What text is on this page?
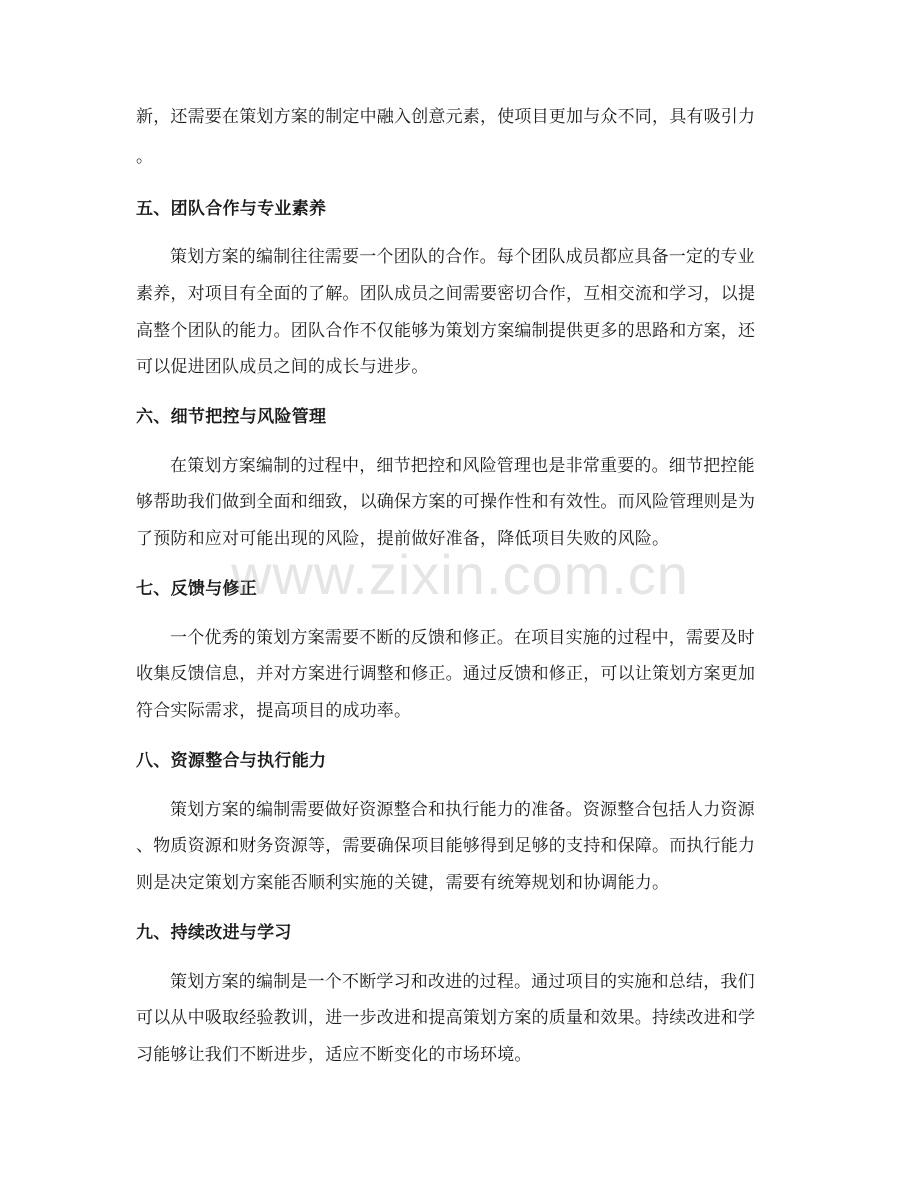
新，还需要在策划方案的制定中融入创意元素，使项目更加与众不同，具有吸引力
。
五、团队合作与专业素养
策划方案的编制往往需要一个团队的合作。每个团队成员都应具备一定的专业
素养，对项目有全面的了解。团队成员之间需要密切合作，互相交流和学习，以提
高整个团队的能力。团队合作不仅能够为策划方案编制提供更多的思路和方案，还
可以促进团队成员之间的成长与进步。
六、细节把控与风险管理
在策划方案编制的过程中，细节把控和风险管理也是非常重要的。细节把控能
够帮助我们做到全面和细致，以确保方案的可操作性和有效性。而风险管理则是为
了预防和应对可能出现的风险，提前做好准备，降低项目失败的风险。
七、反馈与修正
一个优秀的策划方案需要不断的反馈和修正。在项目实施的过程中，需要及时
收集反馈信息，并对方案进行调整和修正。通过反馈和修正，可以让策划方案更加
符合实际需求，提高项目的成功率。
八、资源整合与执行能力
策划方案的编制需要做好资源整合和执行能力的准备。资源整合包括人力资源
、物质资源和财务资源等，需要确保项目能够得到足够的支持和保障。而执行能力
则是决定策划方案能否顺利实施的关键，需要有统筹规划和协调能力。
九、持续改进与学习
策划方案的编制是一个不断学习和改进的过程。通过项目的实施和总结，我们
可以从中吸取经验教训，进一步改进和提高策划方案的质量和效果。持续改进和学
习能够让我们不断进步，适应不断变化的市场环境。
www.zixin.com.cn
